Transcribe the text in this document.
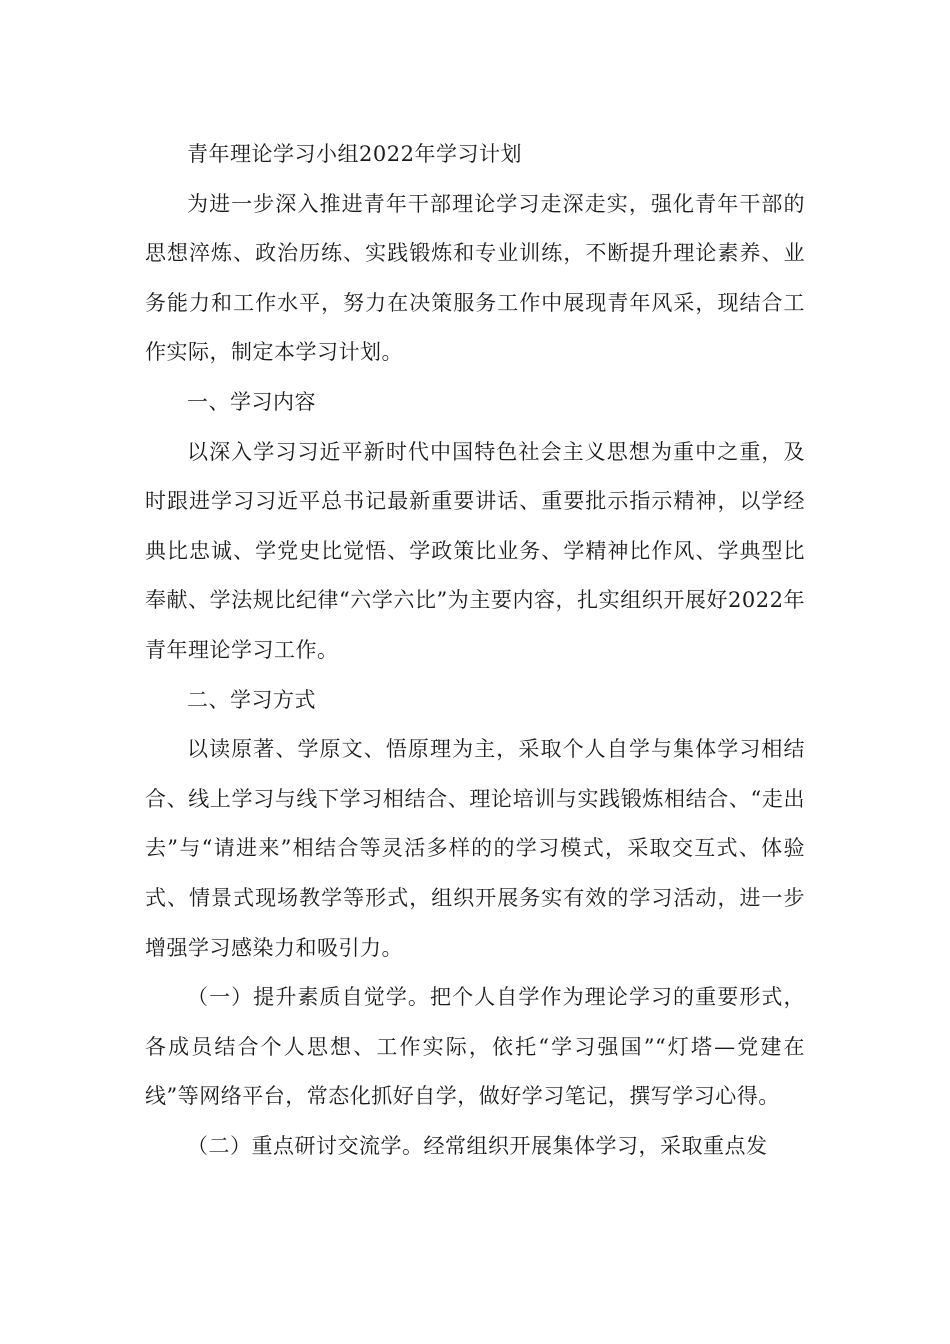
青年理论学习小组2022年学习计划

为进一步深入推进青年干部理论学习走深走实，强化青年干部的思想淬炼、政治历练、实践锻炼和专业训练，不断提升理论素养、业务能力和工作水平，努力在决策服务工作中展现青年风采，现结合工作实际，制定本学习计划。

一、学习内容

以深入学习习近平新时代中国特色社会主义思想为重中之重，及时跟进学习习近平总书记最新重要讲话、重要批示指示精神，以学经典比忠诚、学党史比觉悟、学政策比业务、学精神比作风、学典型比奉献、学法规比纪律“六学六比”为主要内容，扎实组织开展好2022年青年理论学习工作。

二、学习方式

以读原著、学原文、悟原理为主，采取个人自学与集体学习相结合、线上学习与线下学习相结合、理论培训与实践锻炼相结合、“走出去”与“请进来”相结合等灵活多样的的学习模式，采取交互式、体验式、情景式现场教学等形式，组织开展务实有效的学习活动，进一步增强学习感染力和吸引力。

（一）提升素质自觉学。把个人自学作为理论学习的重要形式，各成员结合个人思想、工作实际，依托“学习强国”“灯塔—党建在线”等网络平台，常态化抓好自学，做好学习笔记，撰写学习心得。

（二）重点研讨交流学。经常组织开展集体学习，采取重点发
